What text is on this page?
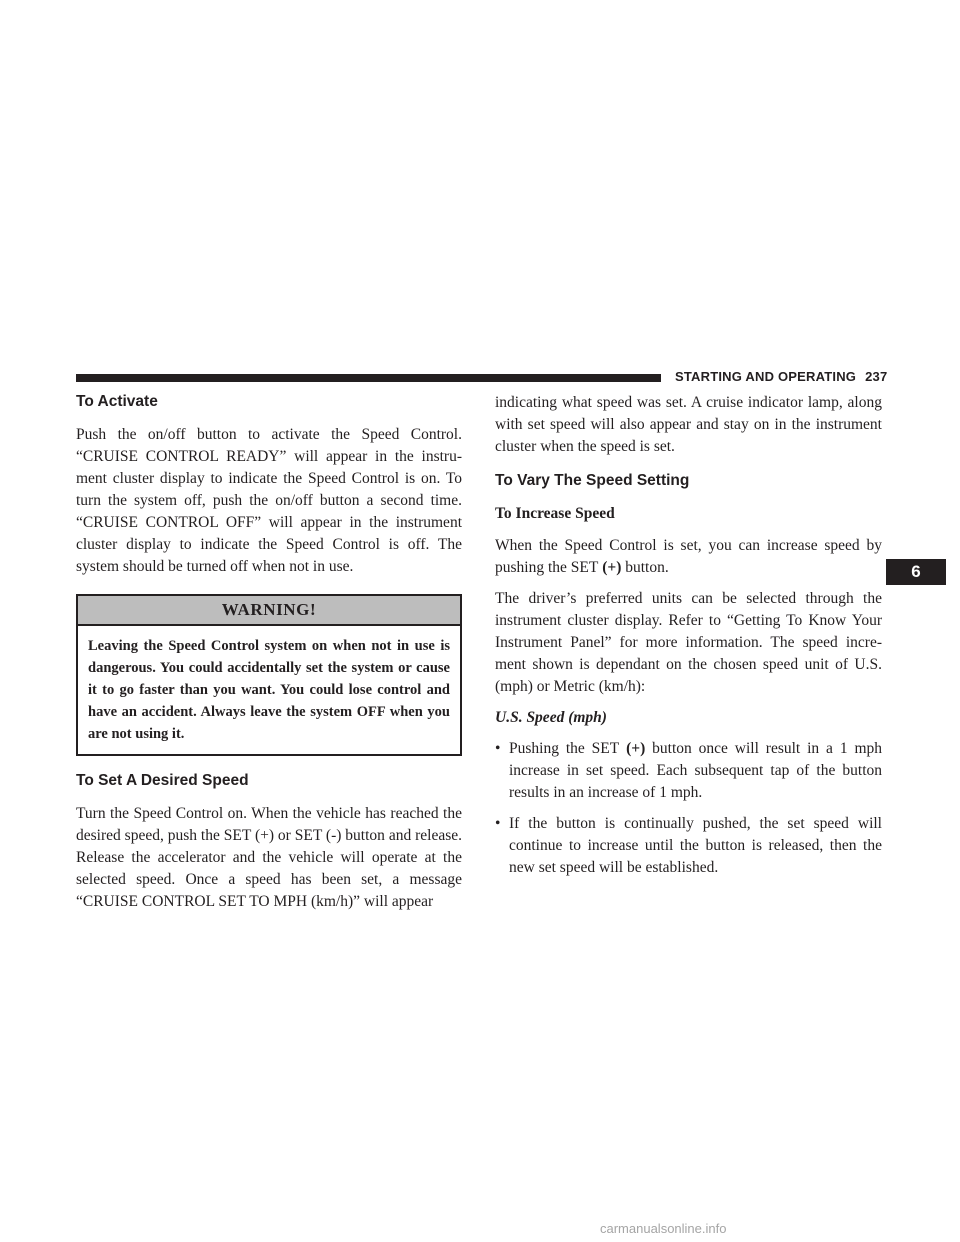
STARTING AND OPERATING 237
To Activate

Push the on/off button to activate the Speed Control. “CRUISE CONTROL READY” will appear in the instru- ment cluster display to indicate the Speed Control is on. To turn the system off, push the on/off button a second time. “CRUISE CONTROL OFF” will appear in the instrument cluster display to indicate the Speed Control is off. The system should be turned off when not in use.

WARNING!
Leaving the Speed Control system on when not in use is dangerous. You could accidentally set the system or cause it to go faster than you want. You could lose control and have an accident. Always leave the system OFF when you are not using it.
To Set A Desired Speed

Turn the Speed Control on. When the vehicle has reached the desired speed, push the SET (+) or SET (-) button and release. Release the accelerator and the vehicle will operate at the selected speed. Once a speed has been set, a message “CRUISE CONTROL SET TO MPH (km/h)” will appear

indicating what speed was set. A cruise indicator lamp, along with set speed will also appear and stay on in the instrument cluster when the speed is set.

To Vary The Speed Setting
To Increase Speed

When the Speed Control is set, you can increase speed by pushing the SET (+) button.

The driver’s preferred units can be selected through the instrument cluster display. Refer to “Getting To Know Your Instrument Panel” for more information. The speed incre- ment shown is dependant on the chosen speed unit of U.S. (mph) or Metric (km/h):

U.S. Speed (mph)
• Pushing the SET (+) button once will result in a 1 mph increase in set speed. Each subsequent tap of the button results in an increase of 1 mph.
• If the button is continually pushed, the set speed will continue to increase until the button is released, then the new set speed will be established.
6
carmanualsonline.info
